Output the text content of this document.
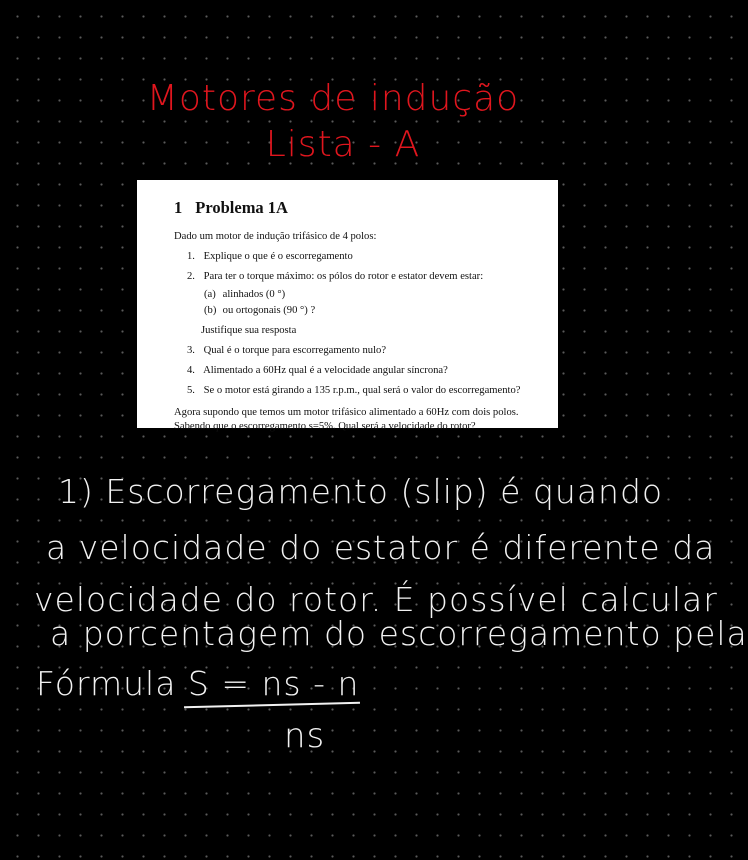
Motores de indução
Lista - A
1 Problema 1A

Dado um motor de indução trifásico de 4 polos:

1. Explique o que é o escorregamento
2. Para ter o torque máximo: os pólos do rotor e estator devem estar:
(a) alinhados (0 °)
(b) ou ortogonais (90 °) ?
Justifique sua resposta
3. Qual é o torque para escorregamento nulo?
4. Alimentado a 60Hz qual é a velocidade angular síncrona?
5. Se o motor está girando a 135 r.p.m., qual será o valor do escorregamento?

Agora supondo que temos um motor trifásico alimentado a 60Hz com dois polos. Sabendo que o escorregamento s=5%. Qual será a velocidade do rotor?

1) Escorregamento (slip) é quando
a velocidade do estator é diferente da
velocidade do rotor. É possível calcular
a porcentagem do escorregamento pela
Fórmula S = ns - n
ns
